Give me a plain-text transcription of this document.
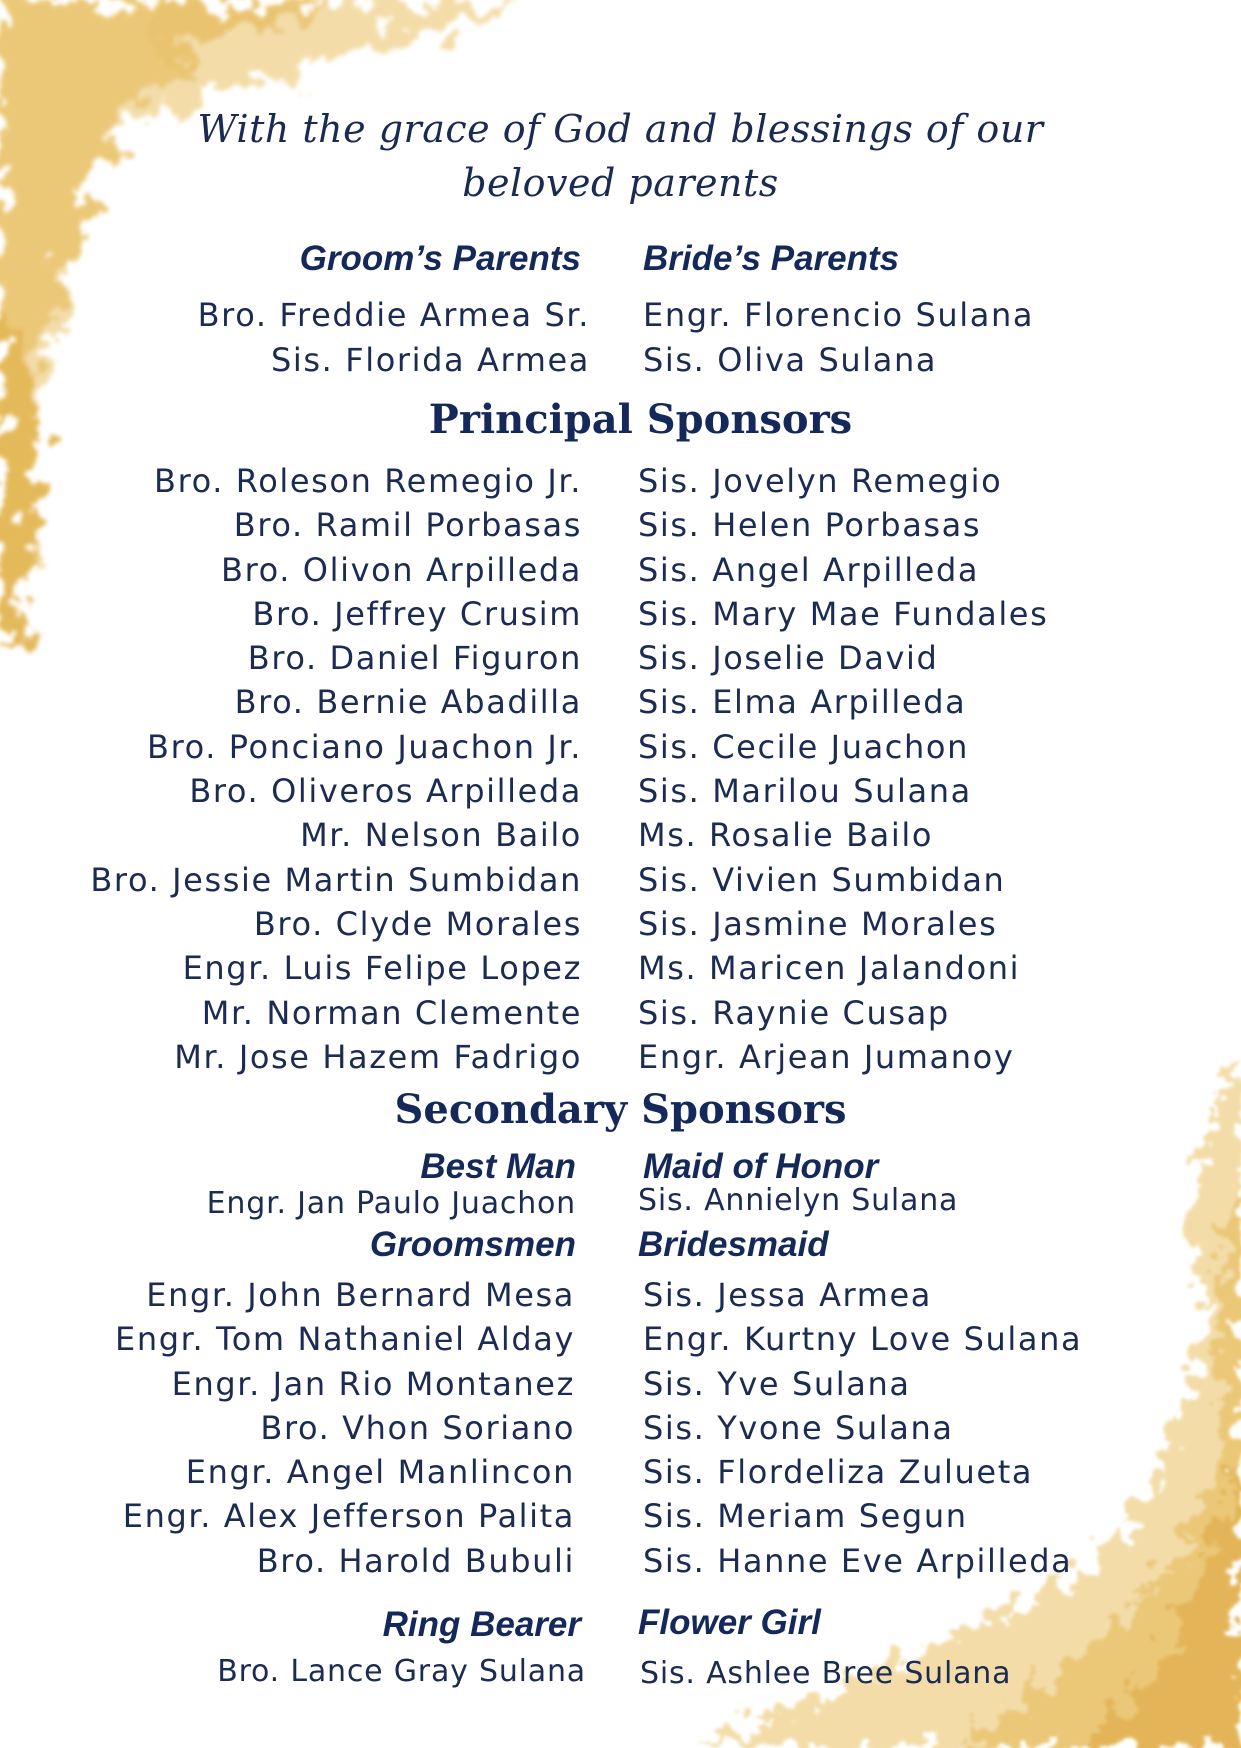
With the grace of God and blessings of our
beloved parents
Groom’s Parents Bride’s Parents
Bro. Freddie Armea Sr.
Sis. Florida Armea
Engr. Florencio Sulana
Sis. Oliva Sulana
Principal Sponsors
Bro. Roleson Remegio Jr.
Bro. Ramil Porbasas
Bro. Olivon Arpilleda
Bro. Jeffrey Crusim
Bro. Daniel Figuron
Bro. Bernie Abadilla
Bro. Ponciano Juachon Jr.
Bro. Oliveros Arpilleda
Mr. Nelson Bailo
Bro. Jessie Martin Sumbidan
Bro. Clyde Morales
Engr. Luis Felipe Lopez
Mr. Norman Clemente
Mr. Jose Hazem Fadrigo
Sis. Jovelyn Remegio
Sis. Helen Porbasas
Sis. Angel Arpilleda
Sis. Mary Mae Fundales
Sis. Joselie David
Sis. Elma Arpilleda
Sis. Cecile Juachon
Sis. Marilou Sulana
Ms. Rosalie Bailo
Sis. Vivien Sumbidan
Sis. Jasmine Morales
Ms. Maricen Jalandoni
Sis. Raynie Cusap
Engr. Arjean Jumanoy
Secondary Sponsors
Best Man Maid of Honor
Engr. Jan Paulo Juachon Sis. Annielyn Sulana
Groomsmen Bridesmaid
Engr. John Bernard Mesa
Engr. Tom Nathaniel Alday
Engr. Jan Rio Montanez
Bro. Vhon Soriano
Engr. Angel Manlincon
Engr. Alex Jefferson Palita
Bro. Harold Bubuli
Sis. Jessa Armea
Engr. Kurtny Love Sulana
Sis. Yve Sulana
Sis. Yvone Sulana
Sis. Flordeliza Zulueta
Sis. Meriam Segun
Sis. Hanne Eve Arpilleda
Ring Bearer Flower Girl
Bro. Lance Gray Sulana Sis. Ashlee Bree Sulana
